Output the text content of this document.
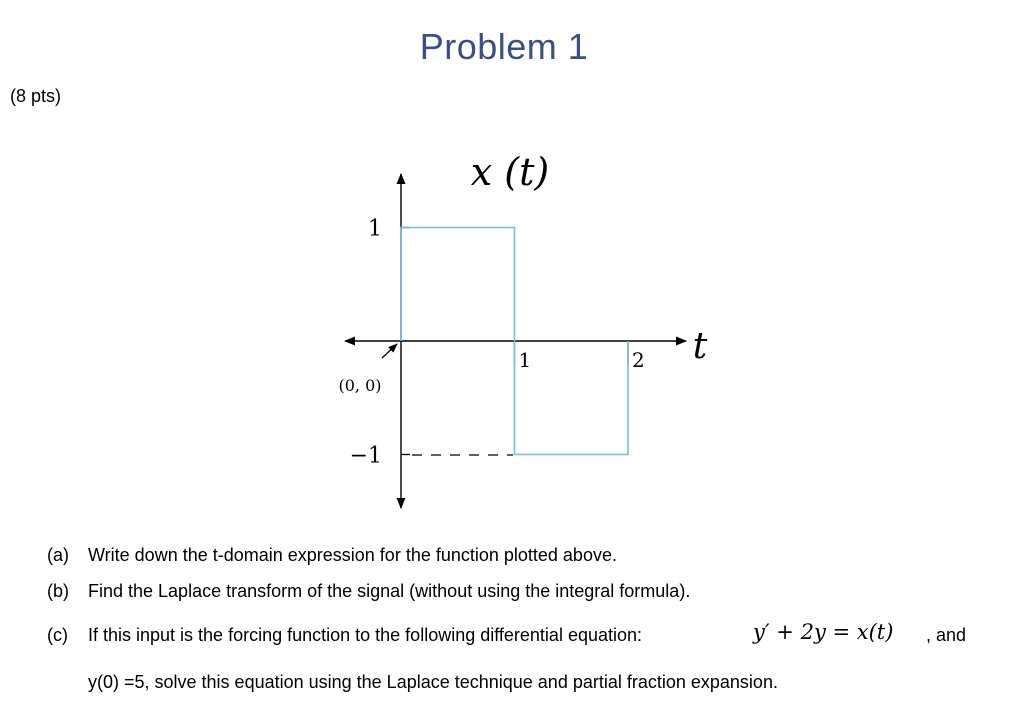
Problem 1
(8 pts)
x (t)
t
1
−1
1	2
(0, 0)
(a) Write down the t-domain expression for the function plotted above.
(b) Find the Laplace transform of the signal (without using the integral formula).
(c) If this input is the forcing function to the following differential equation:	y′ + 2y = x(t) , and
y(0) =5, solve this equation using the Laplace technique and partial fraction expansion.
